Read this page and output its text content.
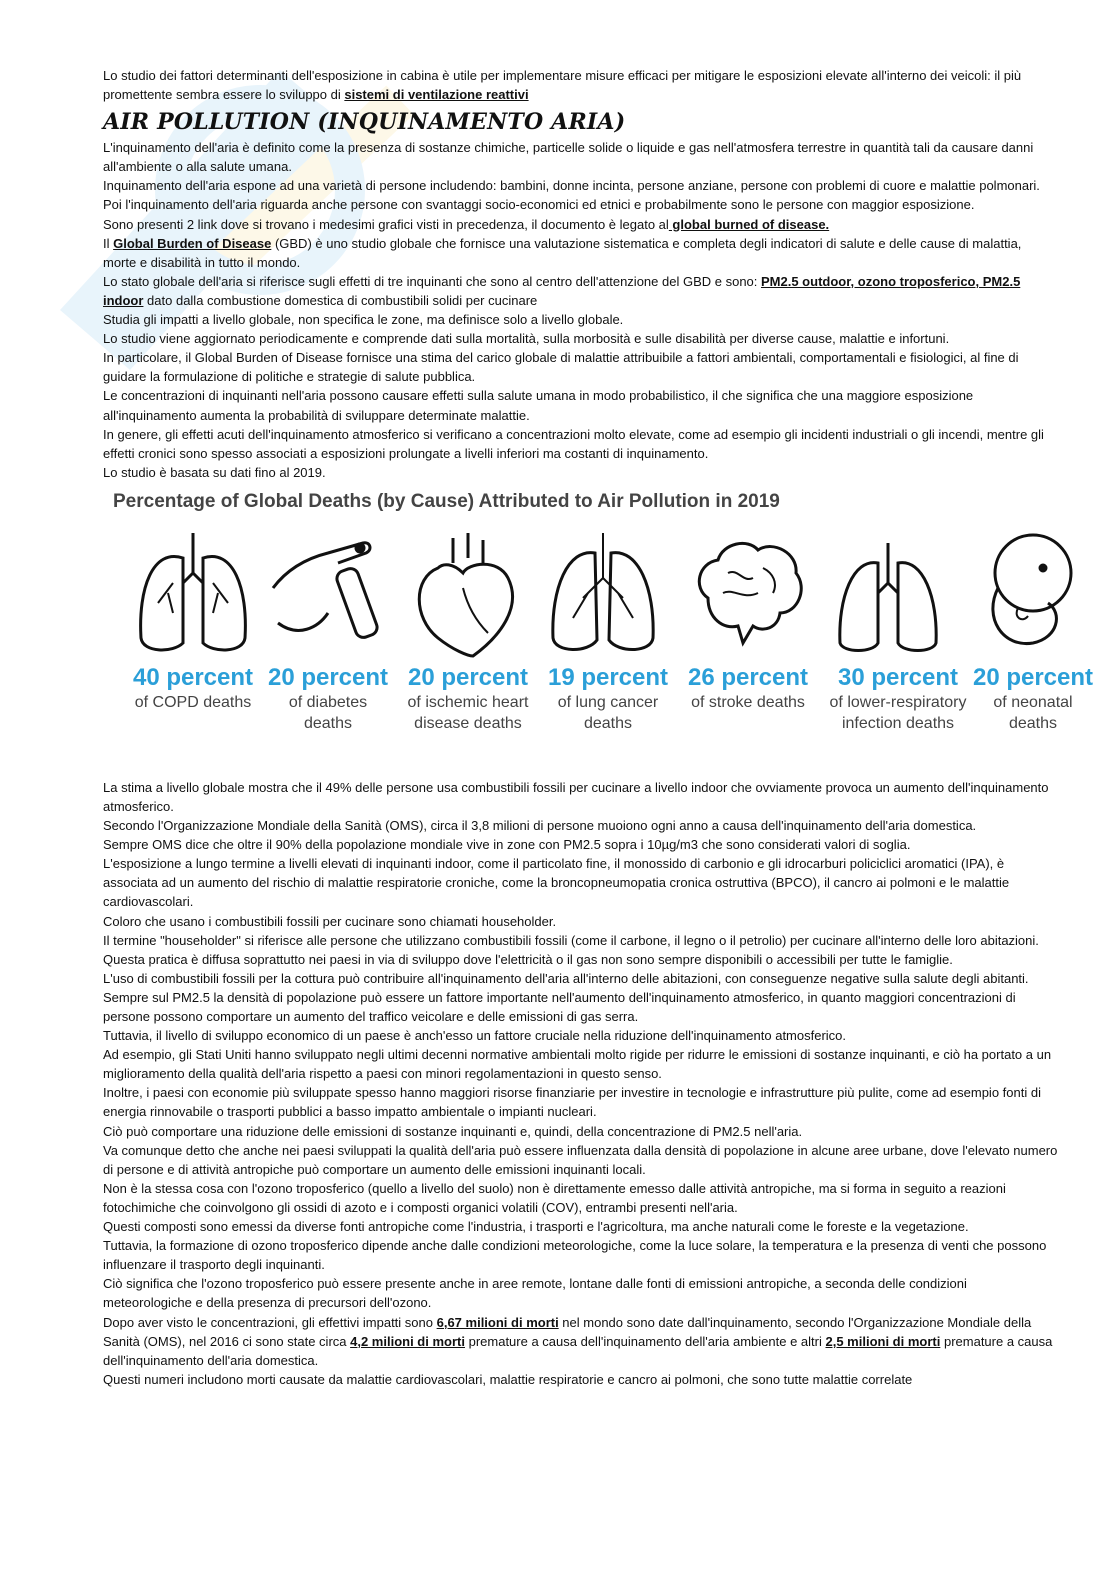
Lo studio dei fattori determinanti dell'esposizione in cabina è utile per implementare misure efficaci per mitigare le esposizioni elevate all'interno dei veicoli: il più promettente sembra essere lo sviluppo di sistemi di ventilazione reattivi

AIR POLLUTION (INQUINAMENTO ARIA)

L'inquinamento dell'aria è definito come la presenza di sostanze chimiche, particelle solide o liquide e gas nell'atmosfera terrestre in quantità tali da causare danni all'ambiente o alla salute umana.

Inquinamento dell'aria espone ad una varietà di persone includendo: bambini, donne incinta, persone anziane, persone con problemi di cuore e malattie polmonari.

Poi l'inquinamento dell'aria riguarda anche persone con svantaggi socio-economici ed etnici e probabilmente sono le persone con maggior esposizione.

Sono presenti 2 link dove si trovano i medesimi grafici visti in precedenza, il documento è legato al global burned of disease.

Il Global Burden of Disease (GBD) è uno studio globale che fornisce una valutazione sistematica e completa degli indicatori di salute e delle cause di malattia, morte e disabilità in tutto il mondo.

Lo stato globale dell'aria si riferisce sugli effetti di tre inquinanti che sono al centro dell'attenzione del GBD e sono: PM2.5 outdoor, ozono troposferico, PM2.5 indoor dato dalla combustione domestica di combustibili solidi per cucinare

Studia gli impatti a livello globale, non specifica le zone, ma definisce solo a livello globale.

Lo studio viene aggiornato periodicamente e comprende dati sulla mortalità, sulla morbosità e sulle disabilità per diverse cause, malattie e infortuni.

In particolare, il Global Burden of Disease fornisce una stima del carico globale di malattie attribuibile a fattori ambientali, comportamentali e fisiologici, al fine di guidare la formulazione di politiche e strategie di salute pubblica.

Le concentrazioni di inquinanti nell'aria possono causare effetti sulla salute umana in modo probabilistico, il che significa che una maggiore esposizione all'inquinamento aumenta la probabilità di sviluppare determinate malattie.

In genere, gli effetti acuti dell'inquinamento atmosferico si verificano a concentrazioni molto elevate, come ad esempio gli incidenti industriali o gli incendi, mentre gli effetti cronici sono spesso associati a esposizioni prolungate a livelli inferiori ma costanti di inquinamento.

Lo studio è basata su dati fino al 2019.

Percentage of Global Deaths (by Cause) Attributed to Air Pollution in 2019
40 percent
of COPD deaths
20 percent
of diabetes
deaths
20 percent
of ischemic heart
disease deaths
19 percent
of lung cancer
deaths
26 percent
of stroke deaths
30 percent
of lower-respiratory
infection deaths
20 percent
of neonatal
deaths

La stima a livello globale mostra che il 49% delle persone usa combustibili fossili per cucinare a livello indoor che ovviamente provoca un aumento dell'inquinamento atmosferico.

Secondo l'Organizzazione Mondiale della Sanità (OMS), circa il 3,8 milioni di persone muoiono ogni anno a causa dell'inquinamento dell'aria domestica.

Sempre OMS dice che oltre il 90% della popolazione mondiale vive in zone con PM2.5 sopra i 10µg/m3 che sono considerati valori di soglia.

L'esposizione a lungo termine a livelli elevati di inquinanti indoor, come il particolato fine, il monossido di carbonio e gli idrocarburi policiclici aromatici (IPA), è associata ad un aumento del rischio di malattie respiratorie croniche, come la broncopneumopatia cronica ostruttiva (BPCO), il cancro ai polmoni e le malattie cardiovascolari.

Coloro che usano i combustibili fossili per cucinare sono chiamati householder.

Il termine "householder" si riferisce alle persone che utilizzano combustibili fossili (come il carbone, il legno o il petrolio) per cucinare all'interno delle loro abitazioni. Questa pratica è diffusa soprattutto nei paesi in via di sviluppo dove l'elettricità o il gas non sono sempre disponibili o accessibili per tutte le famiglie.

L'uso di combustibili fossili per la cottura può contribuire all'inquinamento dell'aria all'interno delle abitazioni, con conseguenze negative sulla salute degli abitanti.

Sempre sul PM2.5 la densità di popolazione può essere un fattore importante nell'aumento dell'inquinamento atmosferico, in quanto maggiori concentrazioni di persone possono comportare un aumento del traffico veicolare e delle emissioni di gas serra.

Tuttavia, il livello di sviluppo economico di un paese è anch'esso un fattore cruciale nella riduzione dell'inquinamento atmosferico.

Ad esempio, gli Stati Uniti hanno sviluppato negli ultimi decenni normative ambientali molto rigide per ridurre le emissioni di sostanze inquinanti, e ciò ha portato a un miglioramento della qualità dell'aria rispetto a paesi con minori regolamentazioni in questo senso.

Inoltre, i paesi con economie più sviluppate spesso hanno maggiori risorse finanziarie per investire in tecnologie e infrastrutture più pulite, come ad esempio fonti di energia rinnovabile o trasporti pubblici a basso impatto ambientale o impianti nucleari.

Ciò può comportare una riduzione delle emissioni di sostanze inquinanti e, quindi, della concentrazione di PM2.5 nell'aria.

Va comunque detto che anche nei paesi sviluppati la qualità dell'aria può essere influenzata dalla densità di popolazione in alcune aree urbane, dove l'elevato numero di persone e di attività antropiche può comportare un aumento delle emissioni inquinanti locali.

Non è la stessa cosa con l'ozono troposferico (quello a livello del suolo) non è direttamente emesso dalle attività antropiche, ma si forma in seguito a reazioni fotochimiche che coinvolgono gli ossidi di azoto e i composti organici volatili (COV), entrambi presenti nell'aria.

Questi composti sono emessi da diverse fonti antropiche come l'industria, i trasporti e l'agricoltura, ma anche naturali come le foreste e la vegetazione.

Tuttavia, la formazione di ozono troposferico dipende anche dalle condizioni meteorologiche, come la luce solare, la temperatura e la presenza di venti che possono influenzare il trasporto degli inquinanti.

Ciò significa che l'ozono troposferico può essere presente anche in aree remote, lontane dalle fonti di emissioni antropiche, a seconda delle condizioni meteorologiche e della presenza di precursori dell'ozono.

Dopo aver visto le concentrazioni, gli effettivi impatti sono 6,67 milioni di morti nel mondo sono date dall'inquinamento, secondo l'Organizzazione Mondiale della Sanità (OMS), nel 2016 ci sono state circa 4,2 milioni di morti premature a causa dell'inquinamento dell'aria ambiente e altri 2,5 milioni di morti premature a causa dell'inquinamento dell'aria domestica.

Questi numeri includono morti causate da malattie cardiovascolari, malattie respiratorie e cancro ai polmoni, che sono tutte malattie correlate
